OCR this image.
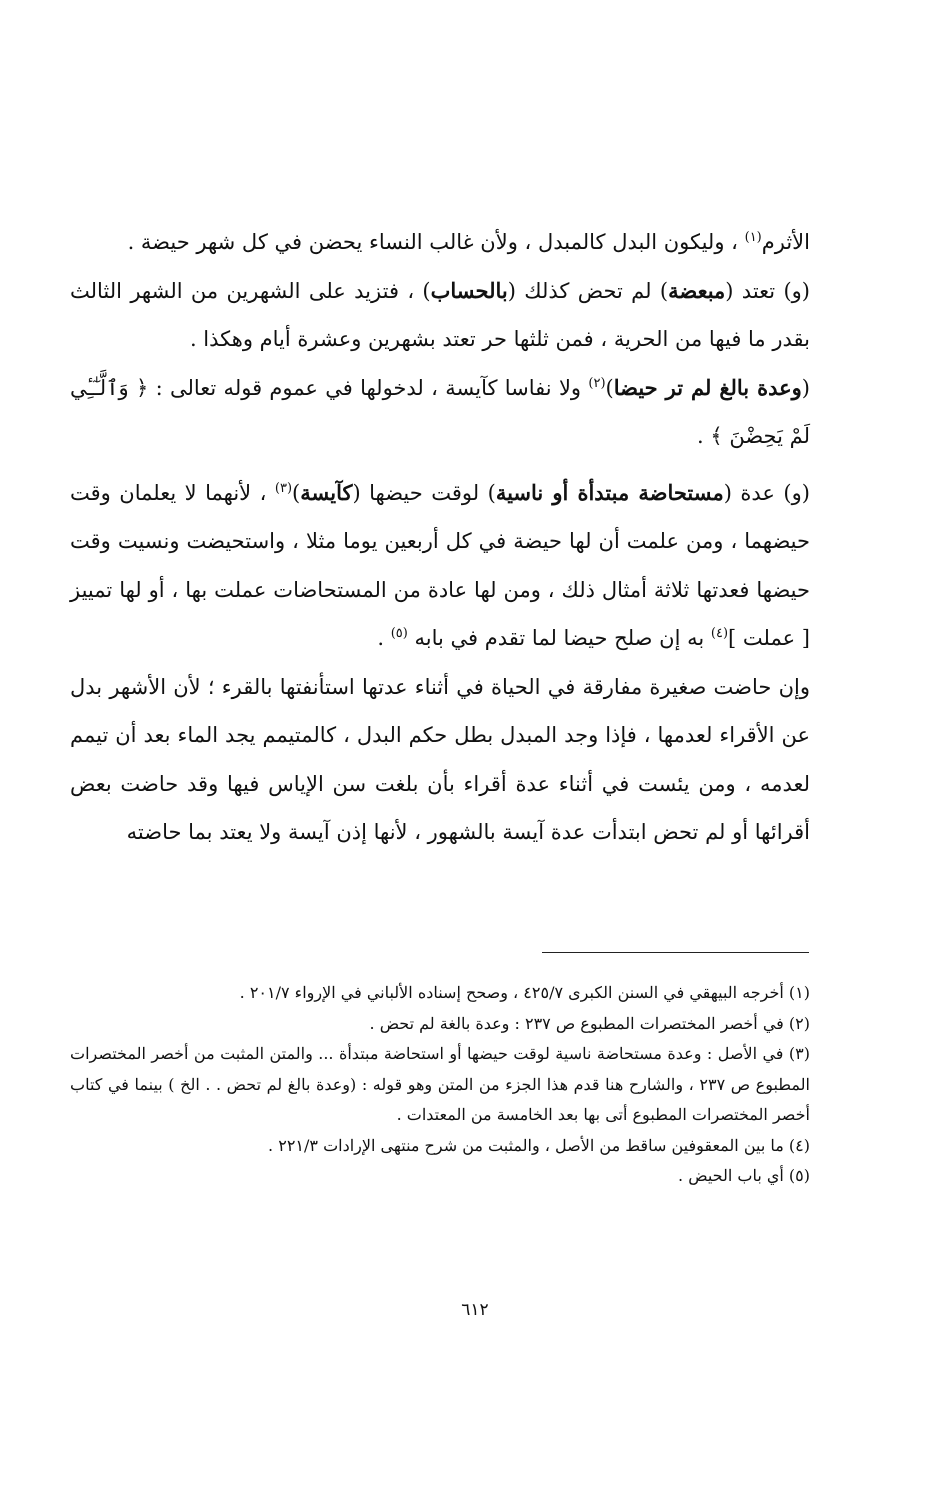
الأثرم$^{(١)}$ ، وليكون البدل كالمبدل ، ولأن غالب النساء يحضن في كل شهر حيضة .

(و) تعتد (مبعضة) لم تحض كذلك (بالحساب) ، فتزيد على الشهرين من الشهر الثالث بقدر ما فيها من الحرية ، فمن ثلثها حر تعتد بشهرين وعشرة أيام وهكذا .

(وعدة بالغ لم تر حيضا)$^{(٢)}$ ولا نفاسا كآيسة ، لدخولها في عموم قوله تعالى : ﴿ وَٱلَّـٰٓـِٔي لَمْ يَحِضْنَ ﴾ .

(و) عدة (مستحاضة مبتدأة أو ناسية) لوقت حيضها (كآيسة)$^{(٣)}$ ، لأنهما لا يعلمان وقت حيضهما ، ومن علمت أن لها حيضة في كل أربعين يوما مثلا ، واستحيضت ونسيت وقت حيضها فعدتها ثلاثة أمثال ذلك ، ومن لها عادة من المستحاضات عملت بها ، أو لها تمييز [ عملت ]$^{(٤)}$ به إن صلح حيضا لما تقدم في بابه $^{(٥)}$ .

وإن حاضت صغيرة مفارقة في الحياة في أثناء عدتها استأنفتها بالقرء ؛ لأن الأشهر بدل عن الأقراء لعدمها ، فإذا وجد المبدل بطل حكم البدل ، كالمتيمم يجد الماء بعد أن تيمم لعدمه ، ومن يئست في أثناء عدة أقراء بأن بلغت سن الإياس فيها وقد حاضت بعض أقرائها أو لم تحض ابتدأت عدة آيسة بالشهور ، لأنها إذن آيسة ولا يعتد بما حاضته

(١) أخرجه البيهقي في السنن الكبرى ٤٢٥/٧ ، وصحح إسناده الألباني في الإرواء ٢٠١/٧ .

(٢) في أخصر المختصرات المطبوع ص ٢٣٧ : وعدة بالغة لم تحض .

(٣) في الأصل : وعدة مستحاضة ناسية لوقت حيضها أو استحاضة مبتدأة ... والمتن المثبت من أخصر المختصرات المطبوع ص ٢٣٧ ، والشارح هنا قدم هذا الجزء من المتن وهو قوله : (وعدة بالغ لم تحض . . الخ ) بينما في كتاب أخصر المختصرات المطبوع أتى بها بعد الخامسة من المعتدات .

(٤) ما بين المعقوفين ساقط من الأصل ، والمثبت من شرح منتهى الإرادات ٢٢١/٣ .

(٥) أي باب الحيض .

٦١٢
